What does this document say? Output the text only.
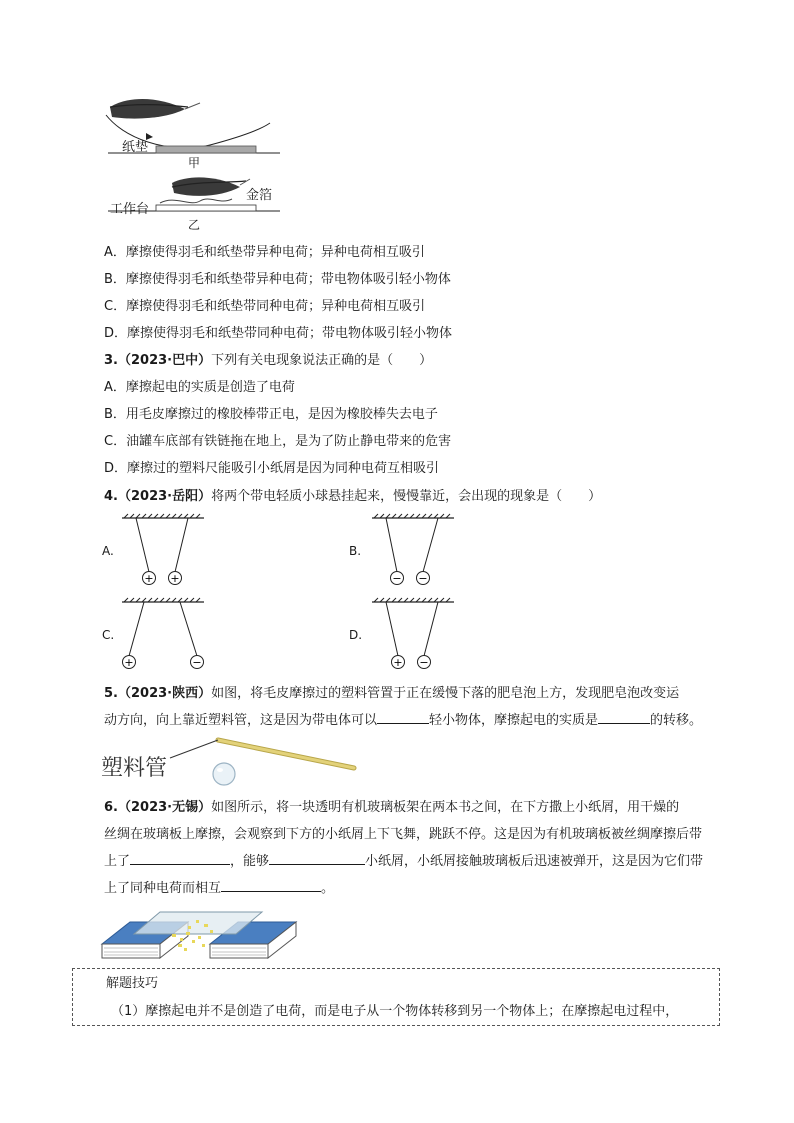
纸垫
甲
工作台
金箔
乙
A．摩擦使得羽毛和纸垫带异种电荷；异种电荷相互吸引
B．摩擦使得羽毛和纸垫带异种电荷；带电物体吸引轻小物体
C．摩擦使得羽毛和纸垫带同种电荷；异种电荷相互吸引
D．摩擦使得羽毛和纸垫带同种电荷；带电物体吸引轻小物体
3.（2023·巴中）下列有关电现象说法正确的是（　　）
A．摩擦起电的实质是创造了电荷
B．用毛皮摩擦过的橡胶棒带正电，是因为橡胶棒失去电子
C．油罐车底部有铁链拖在地上，是为了防止静电带来的危害
D．摩擦过的塑料尺能吸引小纸屑是因为同种电荷互相吸引
4.（2023·岳阳）将两个带电轻质小球悬挂起来，慢慢靠近，会出现的现象是（　　）
A.	B.
C.	D.
+ +	− −
+	−	+ −
5.（2023·陕西）如图，将毛皮摩擦过的塑料管置于正在缓慢下落的肥皂泡上方，发现肥皂泡改变运
动方向，向上靠近塑料管，这是因为带电体可以	轻小物体，摩擦起电的实质是	的转移。
塑料管
6.（2023·无锡）如图所示，将一块透明有机玻璃板架在两本书之间，在下方撒上小纸屑，用干燥的
丝绸在玻璃板上摩擦，会观察到下方的小纸屑上下飞舞，跳跃不停。这是因为有机玻璃板被丝绸摩擦后带
上了	，能够	小纸屑，小纸屑接触玻璃板后迅速被弹开，这是因为它们带
上了同种电荷而相互	。
解题技巧
（1）摩擦起电并不是创造了电荷，而是电子从一个物体转移到另一个物体上；在摩擦起电过程中，
